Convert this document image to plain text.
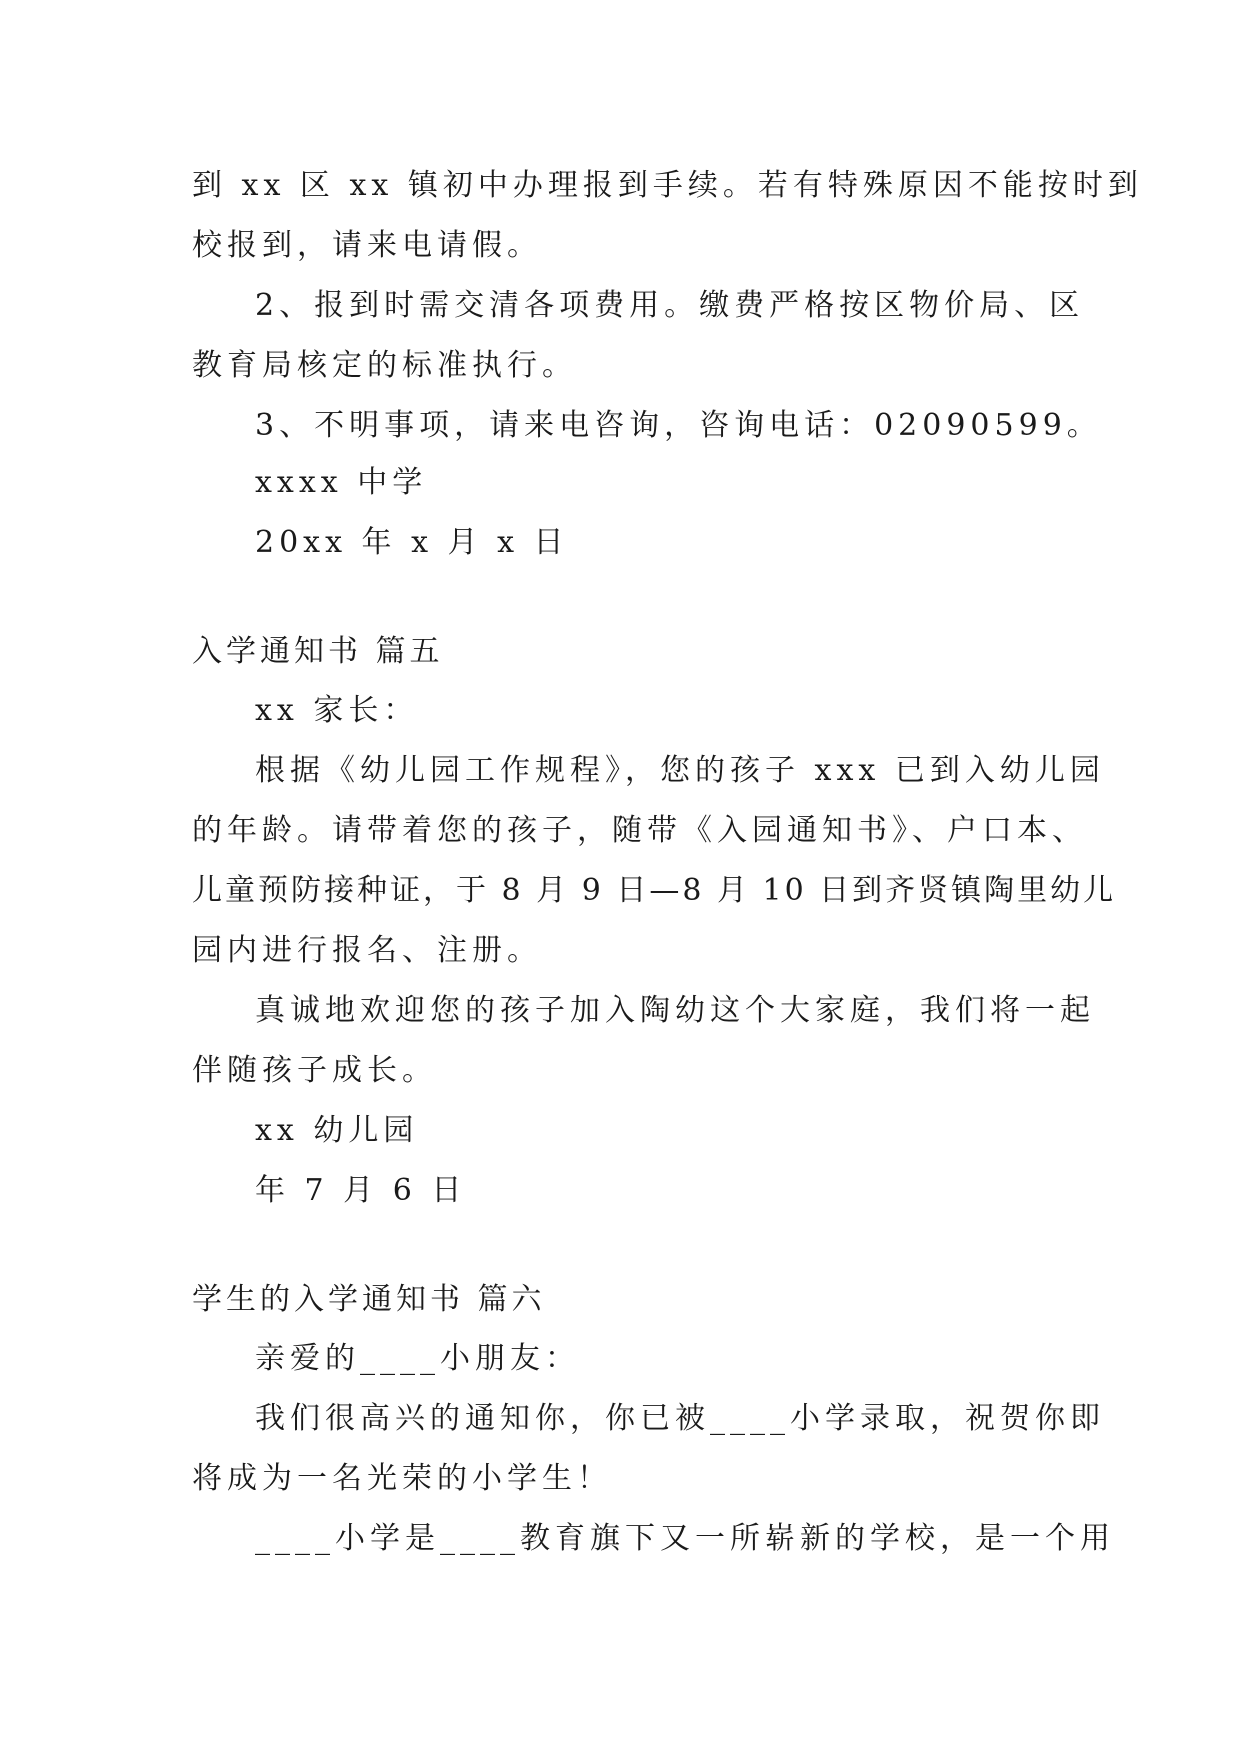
到 xx 区 xx 镇初中办理报到手续。若有特殊原因不能按时到
校报到，请来电请假。
2、报到时需交清各项费用。缴费严格按区物价局、区
教育局核定的标准执行。
3、不明事项，请来电咨询，咨询电话：02090599。
xxxx 中学
20xx 年 x 月 x 日
入学通知书 篇五
xx 家长：
根据《幼儿园工作规程》，您的孩子 xxx 已到入幼儿园
的年龄。请带着您的孩子，随带《入园通知书》、户口本、
儿童预防接种证，于 8 月 9 日—8 月 10 日到齐贤镇陶里幼儿
园内进行报名、注册。
真诚地欢迎您的孩子加入陶幼这个大家庭，我们将一起
伴随孩子成长。
xx 幼儿园
年 7 月 6 日
学生的入学通知书 篇六
亲爱的____小朋友：
我们很高兴的通知你，你已被____小学录取，祝贺你即
将成为一名光荣的小学生！
____小学是____教育旗下又一所崭新的学校，是一个用
